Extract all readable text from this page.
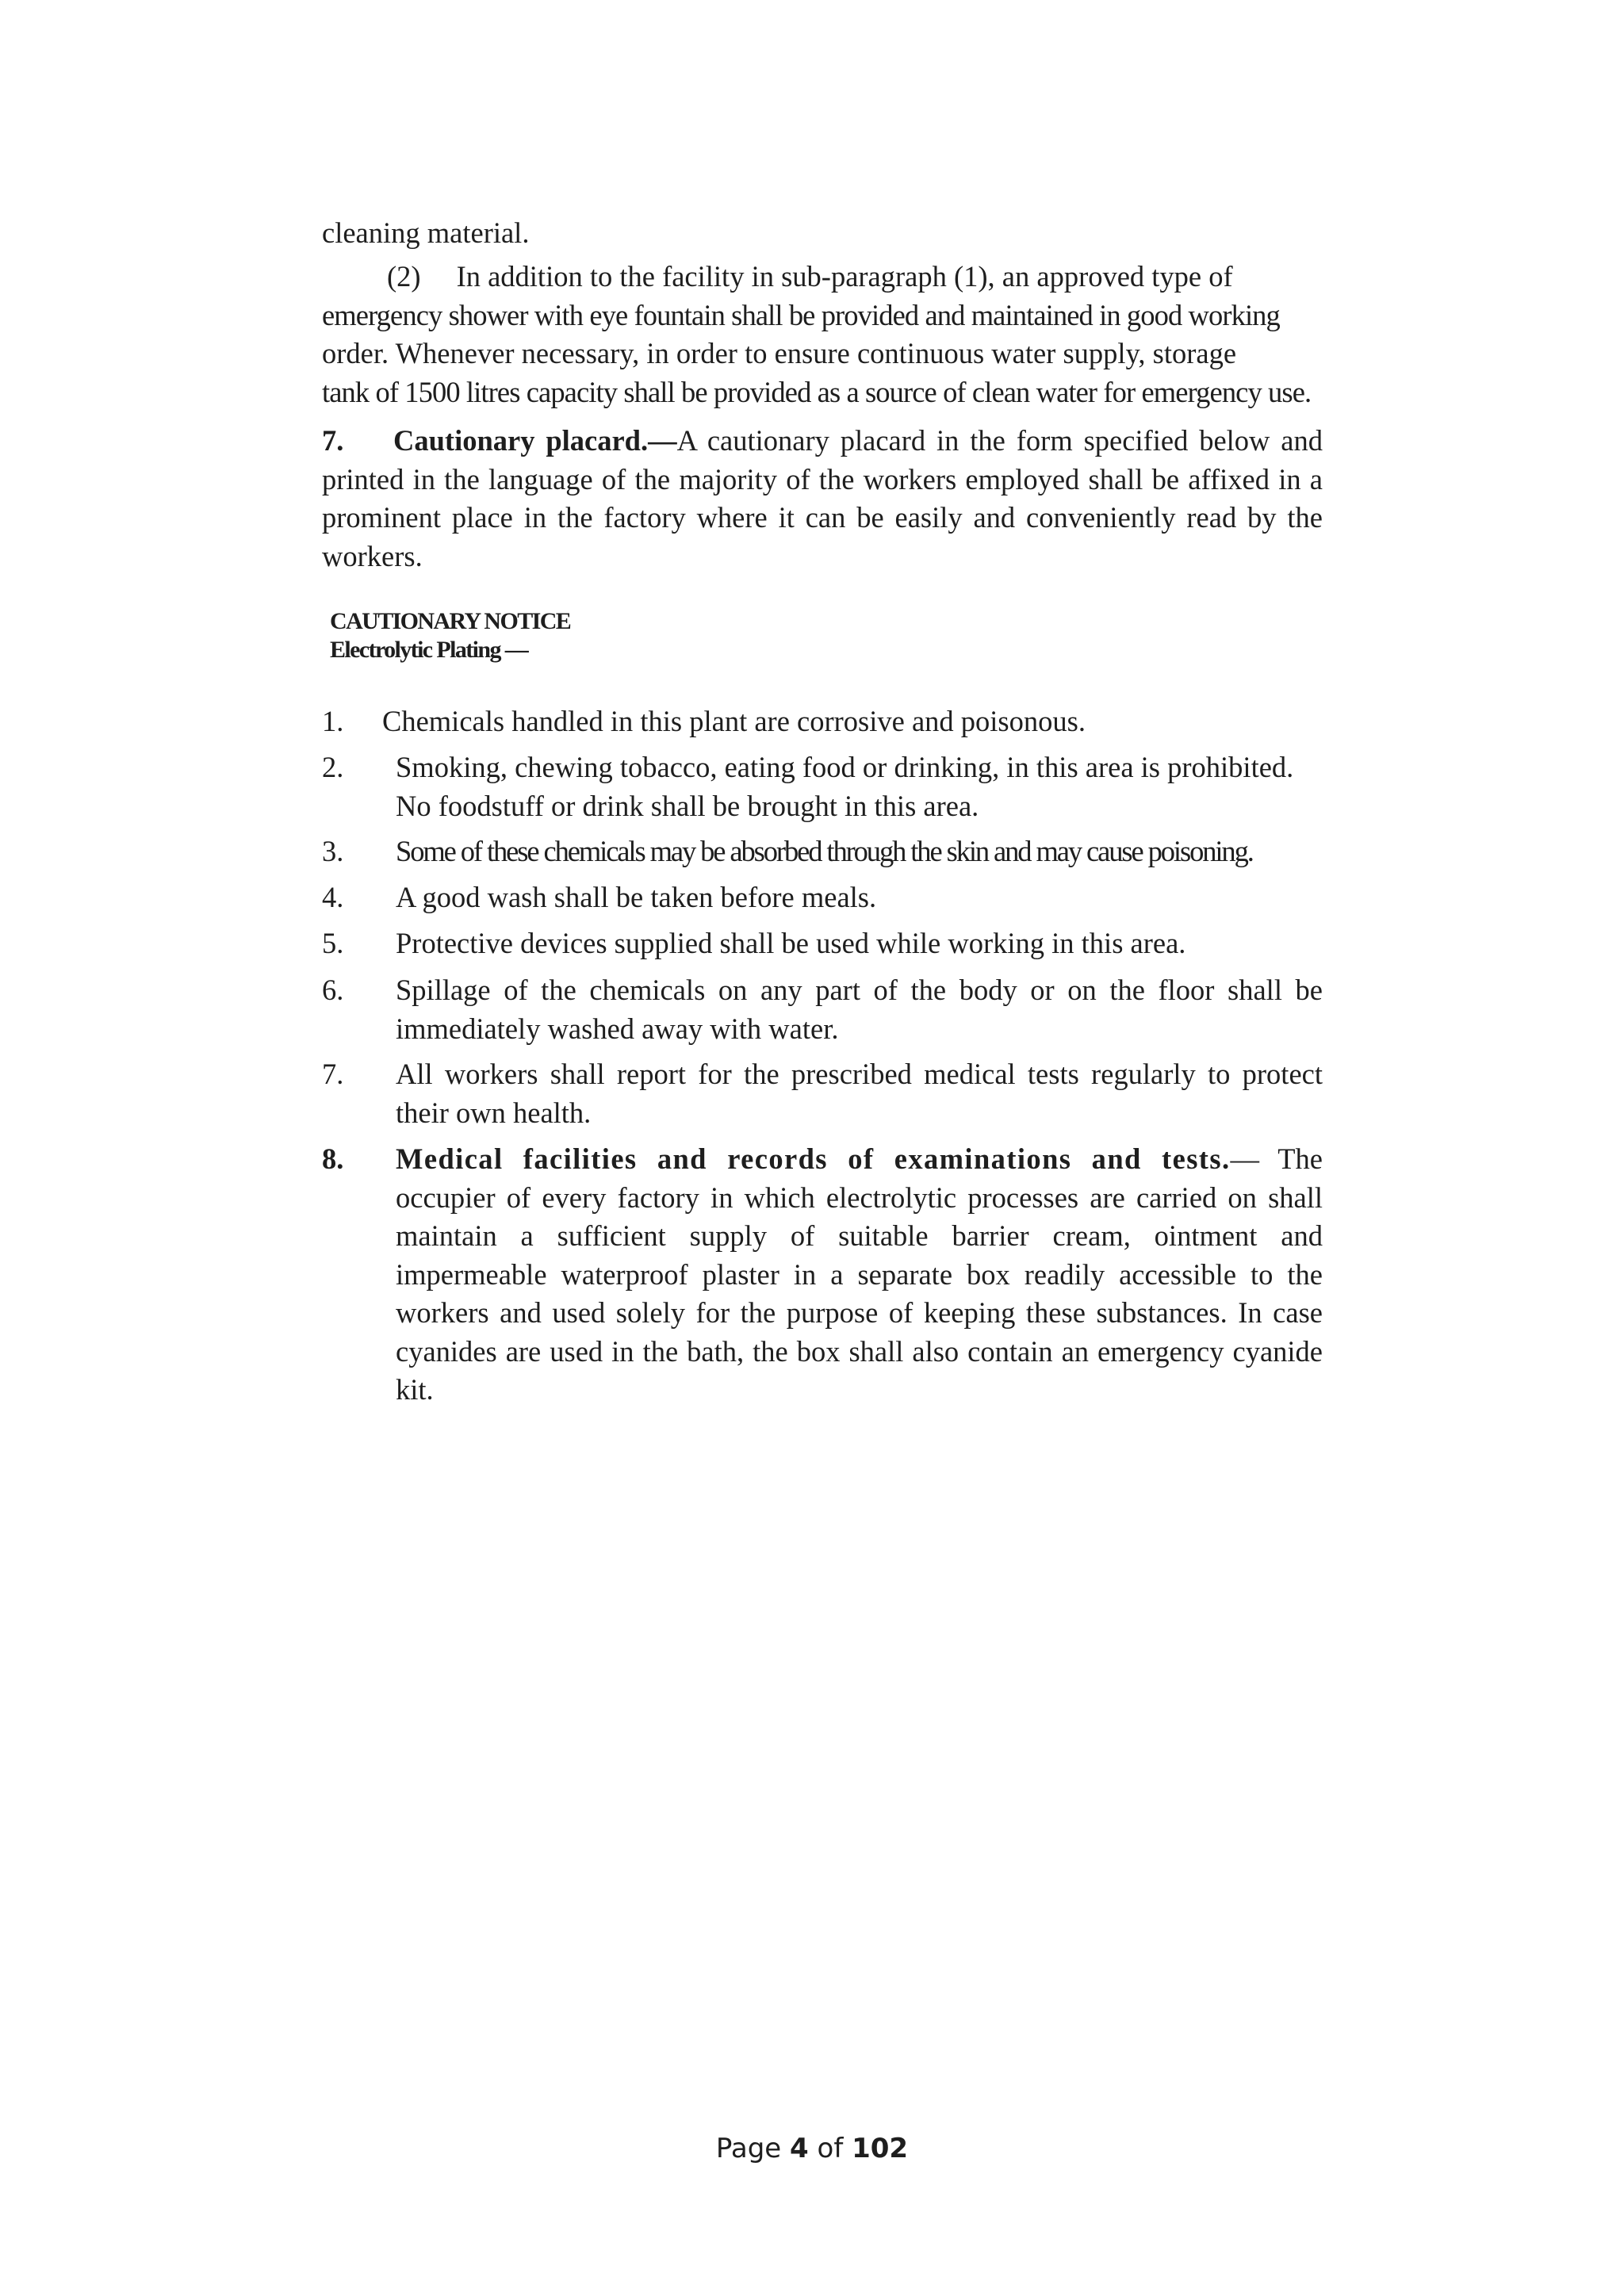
cleaning material.
(2) In addition to the facility in sub-paragraph (1), an approved type of
emergency shower with eye fountain shall be provided and maintained in good working
order. Whenever necessary, in order to ensure continuous water supply, storage
tank of 1500 litres capacity shall be provided as a source of clean water for emergency use.
7. Cautionary placard.—A cautionary placard in the form specified below and printed in the language of the majority of the workers employed shall be affixed in a prominent place in the factory where it can be easily and conveniently read by the workers.
CAUTIONARY NOTICE
Electrolytic Plating —
1. Chemicals handled in this plant are corrosive and poisonous.
2. Smoking, chewing tobacco, eating food or drinking, in this area is prohibited. No foodstuff or drink shall be brought in this area.
3. Some of these chemicals may be absorbed through the skin and may cause poisoning.
4. A good wash shall be taken before meals.
5. Protective devices supplied shall be used while working in this area.
6. Spillage of the chemicals on any part of the body or on the floor shall be immediately washed away with water.
7. All workers shall report for the prescribed medical tests regularly to protect their own health.
8. Medical facilities and records of examinations and tests.— The occupier of every factory in which electrolytic processes are carried on shall maintain a sufficient supply of suitable barrier cream, ointment and impermeable waterproof plaster in a separate box readily accessible to the workers and used solely for the purpose of keeping these substances. In case cyanides are used in the bath, the box shall also contain an emergency cyanide kit.
Page 4 of 102
